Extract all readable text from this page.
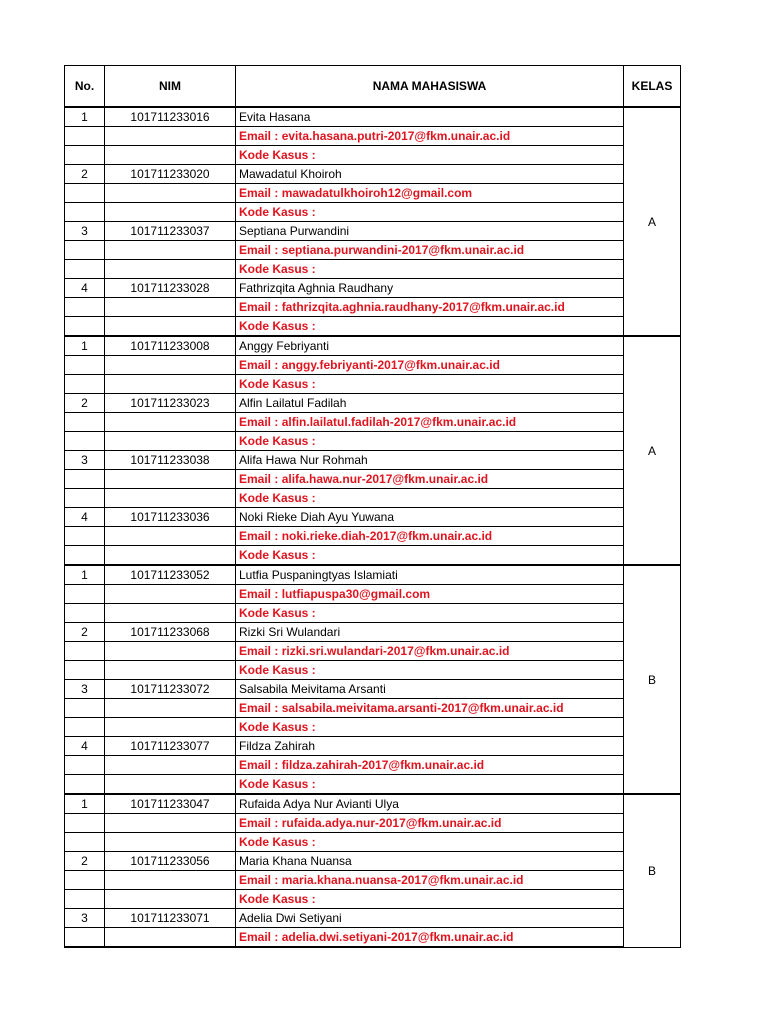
No.	NIM	NAMA MAHASISWA	KELAS
1	101711233016	Evita Hasana	A
		Email : evita.hasana.putri-2017@fkm.unair.ac.id	
		Kode Kasus :	
2	101711233020	Mawadatul Khoiroh	
		Email : mawadatulkhoiroh12@gmail.com	
		Kode Kasus :	
3	101711233037	Septiana Purwandini	
		Email : septiana.purwandini-2017@fkm.unair.ac.id	
		Kode Kasus :	
4	101711233028	Fathrizqita Aghnia Raudhany	
		Email : fathrizqita.aghnia.raudhany-2017@fkm.unair.ac.id	
		Kode Kasus :	
1	101711233008	Anggy Febriyanti	A
		Email : anggy.febriyanti-2017@fkm.unair.ac.id	
		Kode Kasus :	
2	101711233023	Alfin Lailatul Fadilah	
		Email : alfin.lailatul.fadilah-2017@fkm.unair.ac.id	
		Kode Kasus :	
3	101711233038	Alifa Hawa Nur Rohmah	
		Email : alifa.hawa.nur-2017@fkm.unair.ac.id	
		Kode Kasus :	
4	101711233036	Noki Rieke Diah Ayu Yuwana	
		Email : noki.rieke.diah-2017@fkm.unair.ac.id	
		Kode Kasus :	
1	101711233052	Lutfia Puspaningtyas Islamiati	B
		Email : lutfiapuspa30@gmail.com	
		Kode Kasus :	
2	101711233068	Rizki Sri Wulandari	
		Email : rizki.sri.wulandari-2017@fkm.unair.ac.id	
		Kode Kasus :	
3	101711233072	Salsabila Meivitama Arsanti	
		Email : salsabila.meivitama.arsanti-2017@fkm.unair.ac.id	
		Kode Kasus :	
4	101711233077	Fildza Zahirah	
		Email : fildza.zahirah-2017@fkm.unair.ac.id	
		Kode Kasus :	
1	101711233047	Rufaida Adya Nur Avianti Ulya	B
		Email : rufaida.adya.nur-2017@fkm.unair.ac.id	
		Kode Kasus :	
2	101711233056	Maria Khana Nuansa	
		Email : maria.khana.nuansa-2017@fkm.unair.ac.id	
		Kode Kasus :	
3	101711233071	Adelia Dwi Setiyani	
		Email : adelia.dwi.setiyani-2017@fkm.unair.ac.id	
